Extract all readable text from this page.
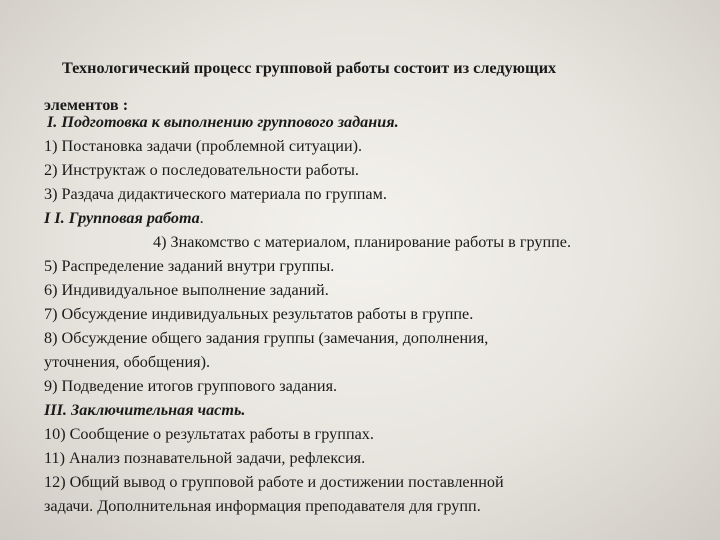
Технологический процесс групповой работы состоит из следующих
элементов :
I. Подготовка к выполнению группового задания.
1) Постановка задачи (проблемной ситуации).
2) Инструктаж о последовательности работы.
3) Раздача дидактического материала по группам.
I I. Групповая работа.
4) Знакомство с материалом, планирование работы в группе.
5) Распределение заданий внутри группы.
6) Индивидуальное выполнение заданий.
7) Обсуждение индивидуальных результатов работы в группе.
8) Обсуждение общего задания группы (замечания, дополнения,
уточнения, обобщения).
9) Подведение итогов группового задания.
III. Заключительная часть.
10) Сообщение о результатах работы в группах.
11) Анализ познавательной задачи, рефлексия.
12) Общий вывод о групповой работе и достижении поставленной
задачи. Дополнительная информация преподавателя для групп.
